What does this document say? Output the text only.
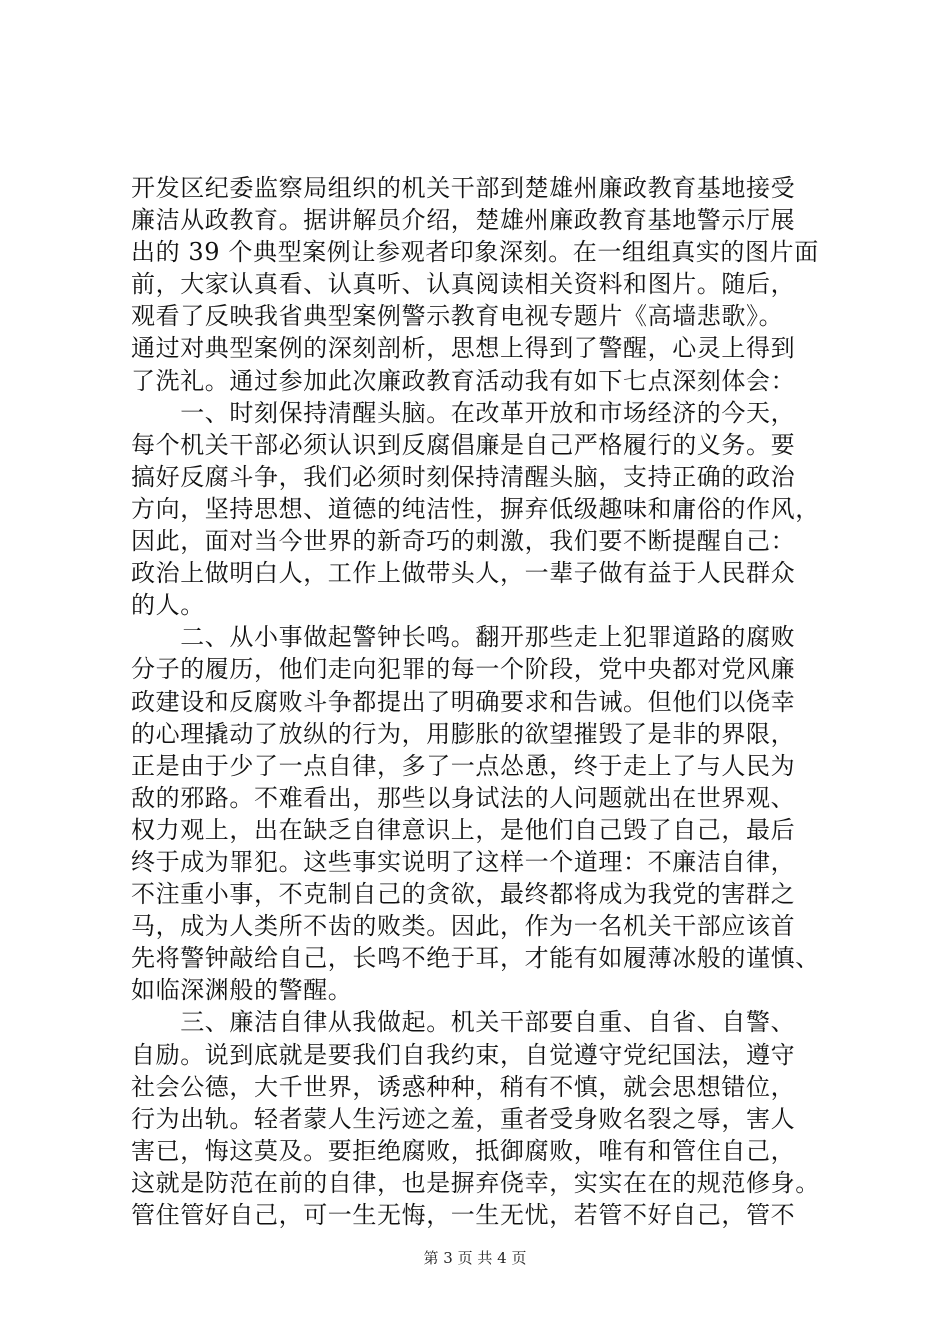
开发区纪委监察局组织的机关干部到楚雄州廉政教育基地接受
廉洁从政教育。据讲解员介绍，楚雄州廉政教育基地警示厅展
出的 39 个典型案例让参观者印象深刻。在一组组真实的图片面
前，大家认真看、认真听、认真阅读相关资料和图片。随后，
观看了反映我省典型案例警示教育电视专题片《高墙悲歌》。
通过对典型案例的深刻剖析，思想上得到了警醒，心灵上得到
了洗礼。通过参加此次廉政教育活动我有如下七点深刻体会：
　　一、时刻保持清醒头脑。在改革开放和市场经济的今天，
每个机关干部必须认识到反腐倡廉是自己严格履行的义务。要
搞好反腐斗争，我们必须时刻保持清醒头脑，支持正确的政治
方向，坚持思想、道德的纯洁性，摒弃低级趣味和庸俗的作风，
因此，面对当今世界的新奇巧的刺激，我们要不断提醒自己：
政治上做明白人，工作上做带头人，一辈子做有益于人民群众
的人。
　　二、从小事做起警钟长鸣。翻开那些走上犯罪道路的腐败
分子的履历，他们走向犯罪的每一个阶段，党中央都对党风廉
政建设和反腐败斗争都提出了明确要求和告诫。但他们以侥幸
的心理撬动了放纵的行为，用膨胀的欲望摧毁了是非的界限，
正是由于少了一点自律，多了一点怂恿，终于走上了与人民为
敌的邪路。不难看出，那些以身试法的人问题就出在世界观、
权力观上，出在缺乏自律意识上，是他们自己毁了自己，最后
终于成为罪犯。这些事实说明了这样一个道理：不廉洁自律，
不注重小事，不克制自己的贪欲，最终都将成为我党的害群之
马，成为人类所不齿的败类。因此，作为一名机关干部应该首
先将警钟敲给自己，长鸣不绝于耳，才能有如履薄冰般的谨慎、
如临深渊般的警醒。
　　三、廉洁自律从我做起。机关干部要自重、自省、自警、
自励。说到底就是要我们自我约束，自觉遵守党纪国法，遵守
社会公德，大千世界，诱惑种种，稍有不慎，就会思想错位，
行为出轨。轻者蒙人生污迹之羞，重者受身败名裂之辱，害人
害已，悔这莫及。要拒绝腐败，抵御腐败，唯有和管住自己，
这就是防范在前的自律，也是摒弃侥幸，实实在在的规范修身。
管住管好自己，可一生无悔，一生无忧，若管不好自己，管不
第 3 页 共 4 页
